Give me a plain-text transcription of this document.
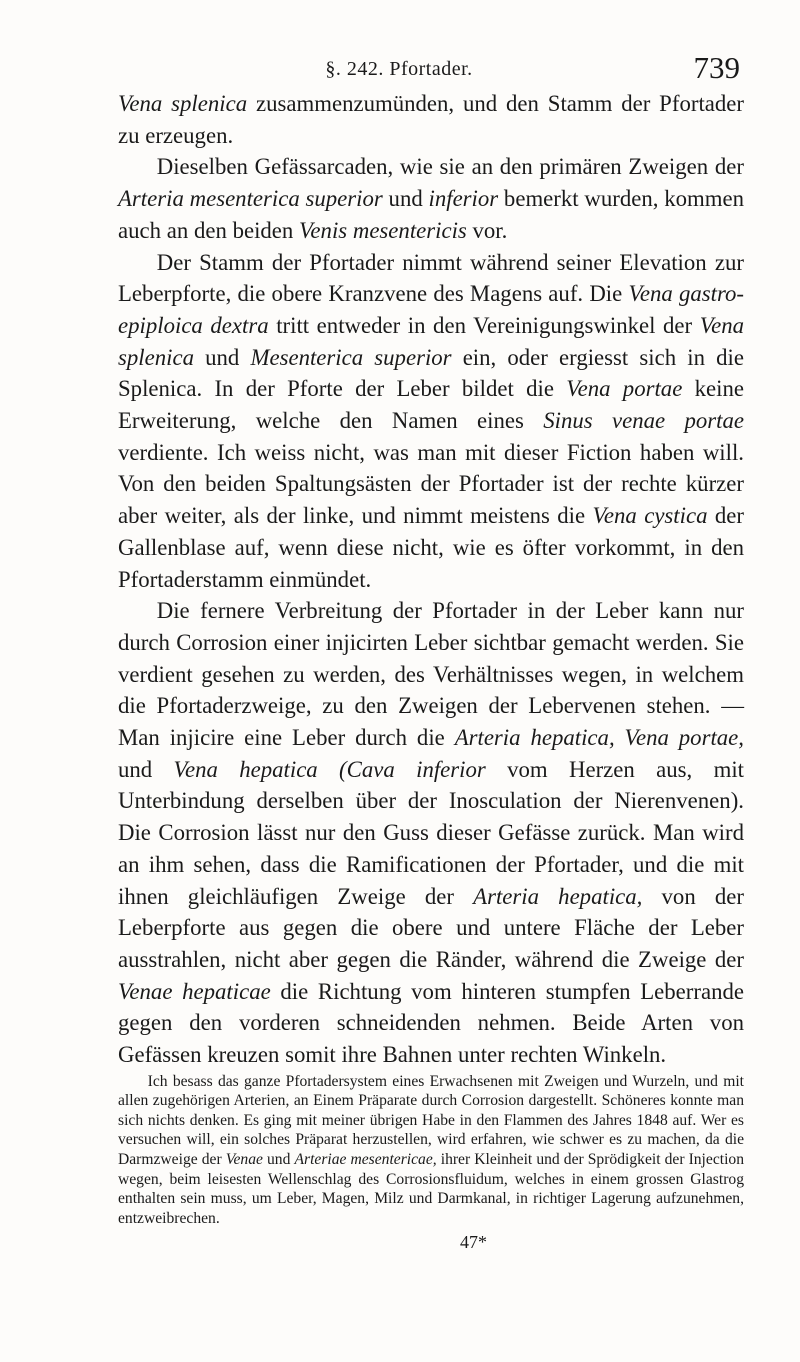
§. 242. Pfortader.	739

Vena splenica zusammenzumünden, und den Stamm der Pfortader zu erzeugen.

Dieselben Gefässarcaden, wie sie an den primären Zweigen der Arteria mesenterica superior und inferior bemerkt wurden, kommen auch an den beiden Venis mesentericis vor.

Der Stamm der Pfortader nimmt während seiner Elevation zur Leberpforte, die obere Kranzvene des Magens auf. Die Vena gastro-epiploica dextra tritt entweder in den Vereinigungswinkel der Vena splenica und Mesenterica superior ein, oder ergiesst sich in die Splenica. In der Pforte der Leber bildet die Vena portae keine Erweiterung, welche den Namen eines Sinus venae portae verdiente. Ich weiss nicht, was man mit dieser Fiction haben will. Von den beiden Spaltungsästen der Pfortader ist der rechte kürzer aber weiter, als der linke, und nimmt meistens die Vena cystica der Gallenblase auf, wenn diese nicht, wie es öfter vorkommt, in den Pfortaderstamm einmündet.

Die fernere Verbreitung der Pfortader in der Leber kann nur durch Corrosion einer injicirten Leber sichtbar gemacht werden. Sie verdient gesehen zu werden, des Verhältnisses wegen, in welchem die Pfortaderzweige, zu den Zweigen der Lebervenen stehen. — Man injicire eine Leber durch die Arteria hepatica, Vena portae, und Vena hepatica (Cava inferior vom Herzen aus, mit Unterbindung derselben über der Inosculation der Nierenvenen). Die Corrosion lässt nur den Guss dieser Gefässe zurück. Man wird an ihm sehen, dass die Ramificationen der Pfortader, und die mit ihnen gleichläufigen Zweige der Arteria hepatica, von der Leberpforte aus gegen die obere und untere Fläche der Leber ausstrahlen, nicht aber gegen die Ränder, während die Zweige der Venae hepaticae die Richtung vom hinteren stumpfen Leberrande gegen den vorderen schneidenden nehmen. Beide Arten von Gefässen kreuzen somit ihre Bahnen unter rechten Winkeln.

Ich besass das ganze Pfortadersystem eines Erwachsenen mit Zweigen und Wurzeln, und mit allen zugehörigen Arterien, an Einem Präparate durch Corrosion dargestellt. Schöneres konnte man sich nichts denken. Es ging mit meiner übrigen Habe in den Flammen des Jahres 1848 auf. Wer es versuchen will, ein solches Präparat herzustellen, wird erfahren, wie schwer es zu machen, da die Darmzweige der Venae und Arteriae mesentericae, ihrer Kleinheit und der Sprödigkeit der Injection wegen, beim leisesten Wellenschlag des Corrosionsfluidum, welches in einem grossen Glastrog enthalten sein muss, um Leber, Magen, Milz und Darmkanal, in richtiger Lagerung aufzunehmen, entzweibrechen.

47*
